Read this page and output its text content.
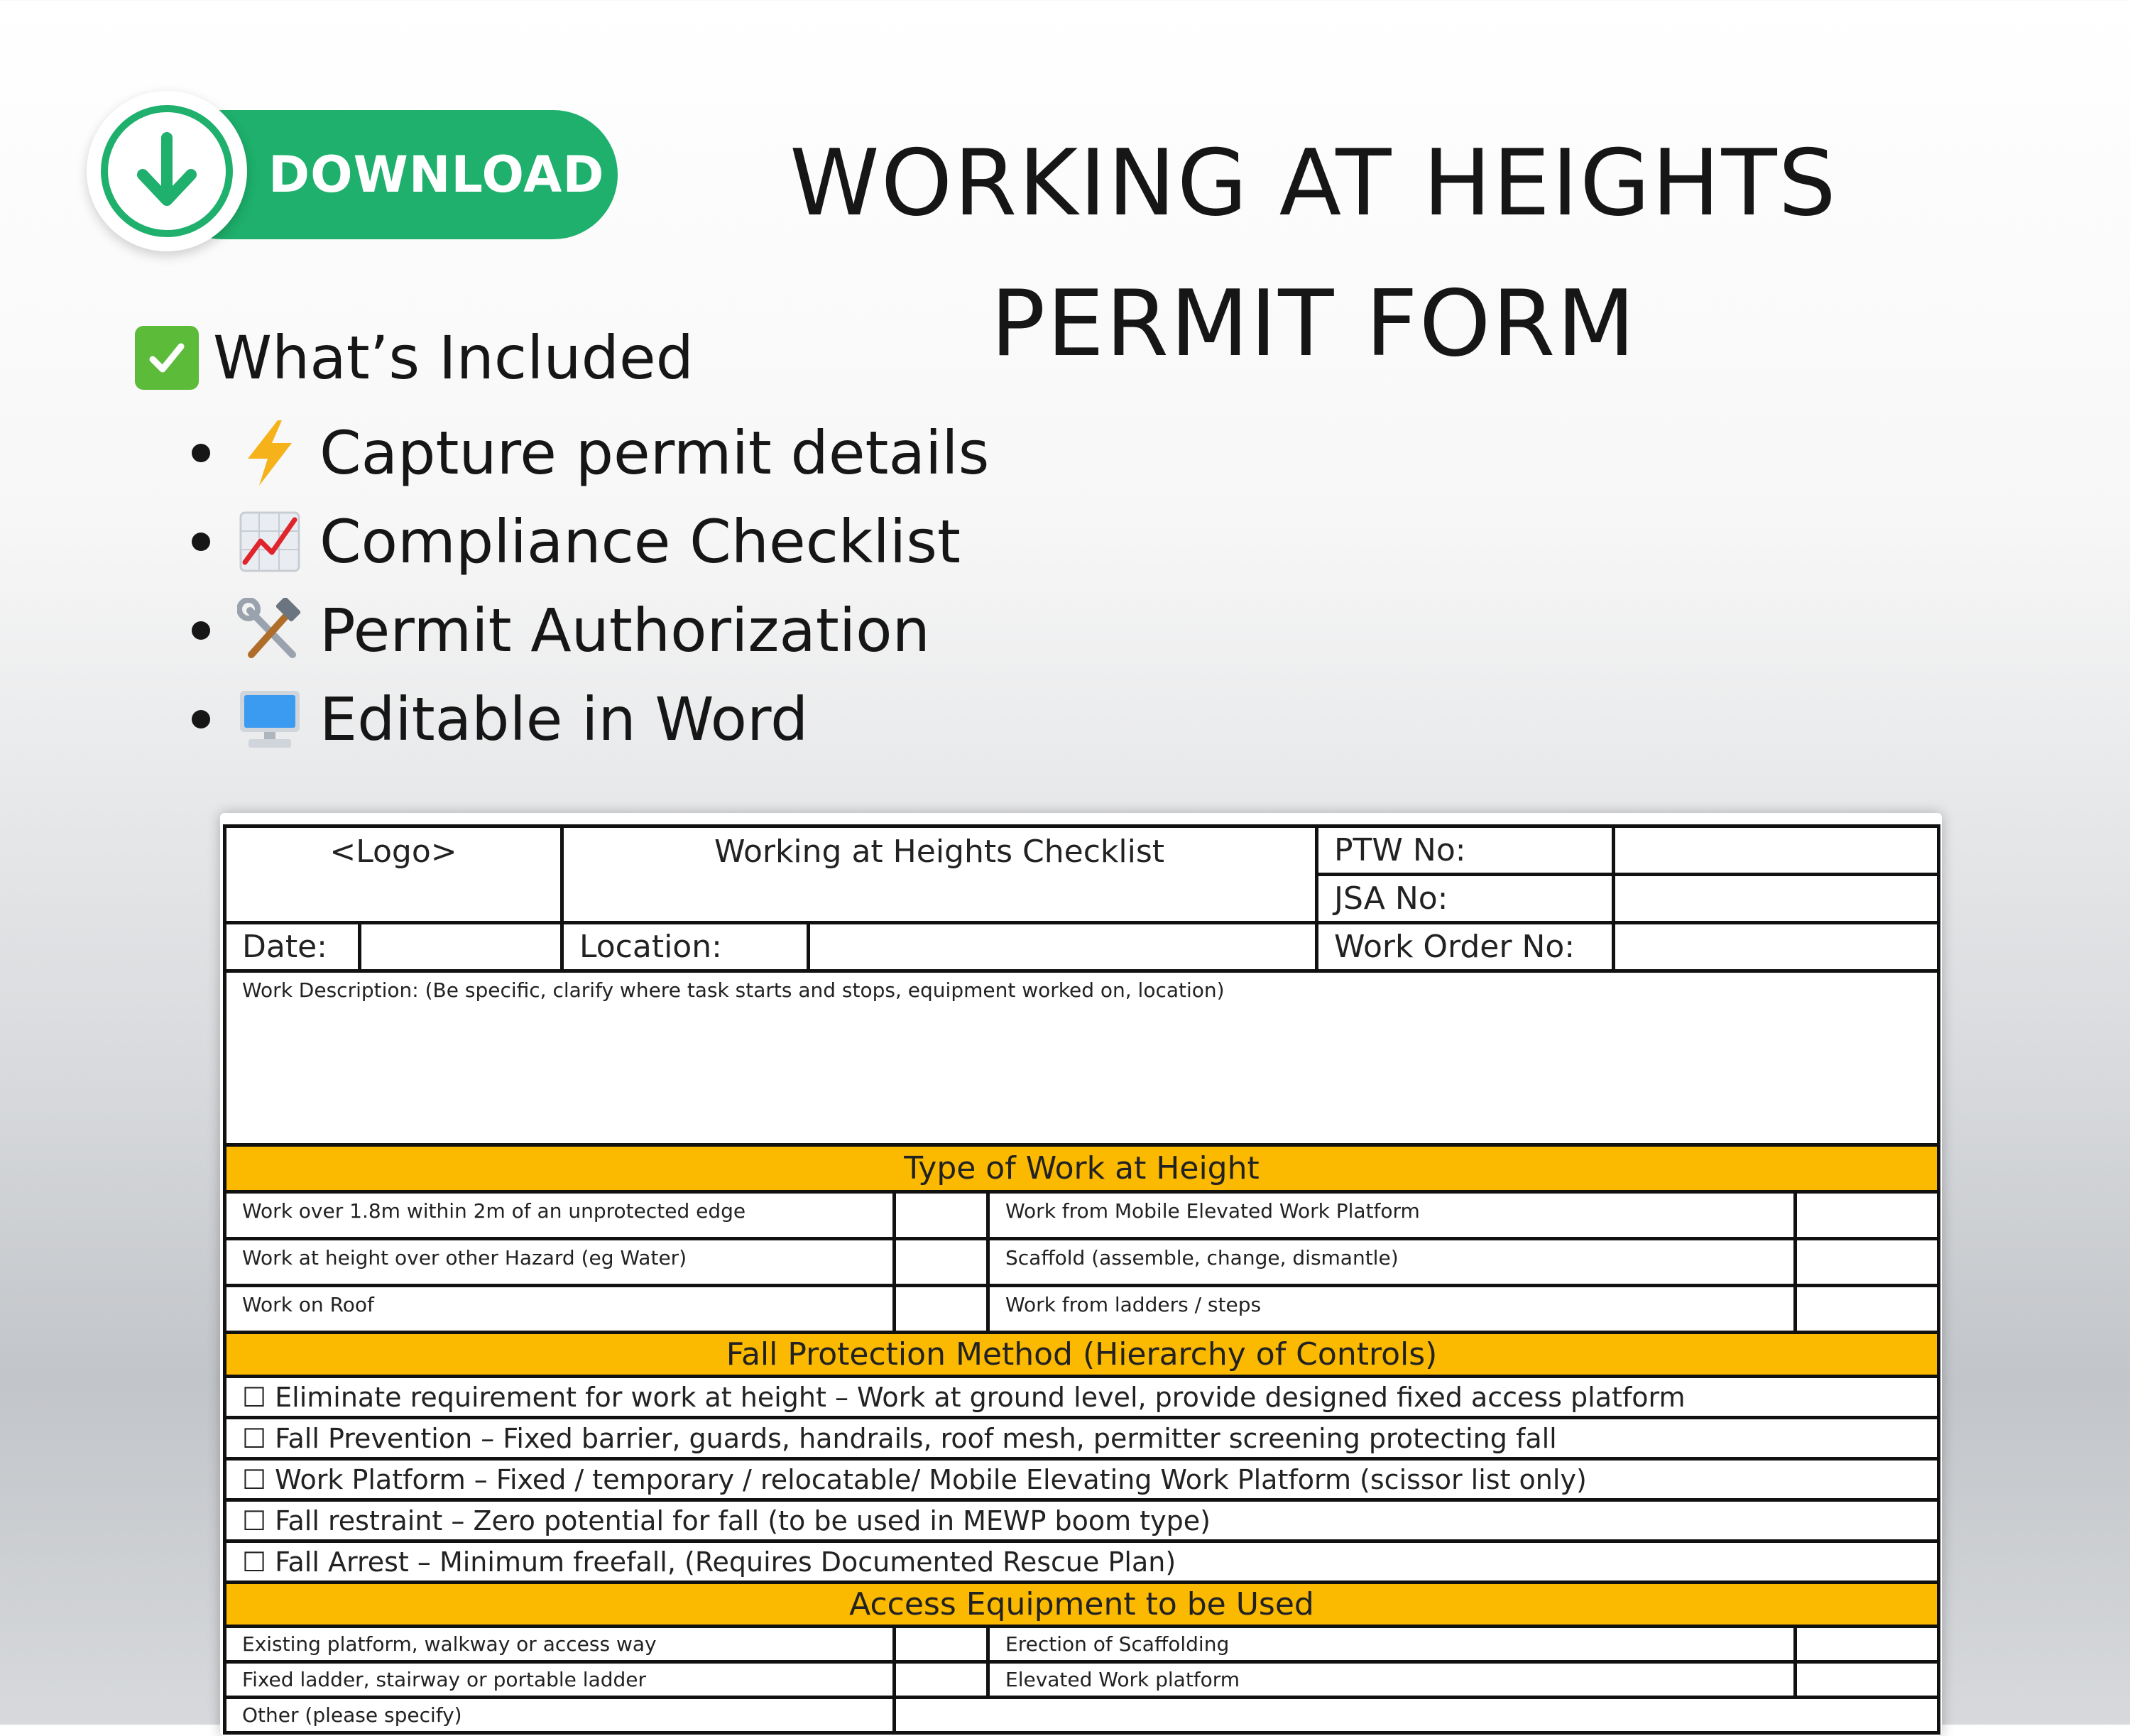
DOWNLOAD	WORKING AT HEIGHTS
PERMIT FORM
What’s Included
Capture permit details
Compliance Checklist
Permit Authorization
Editable in Word
<Logo>		Working at Heights Checklist				PTW No:		
						JSA No:		
Date:		Location:				Work Order No:		
Work Description: (Be specific, clarify where task starts and stops, equipment worked on, location)								
Type of Work at Height								
Work over 1.8m within 2m of an unprotected edge					Work from Mobile Elevated Work Platform			
Work at height over other Hazard (eg Water)					Scaffold (assemble, change, dismantle)			
Work on Roof					Work from ladders / steps			
Fall Protection Method (Hierarchy of Controls)								
☐ Eliminate requirement for work at height – Work at ground level, provide designed fixed access platform								
☐ Fall Prevention – Fixed barrier, guards, handrails, roof mesh, permitter screening protecting fall								
☐ Work Platform – Fixed / temporary / relocatable/ Mobile Elevating Work Platform (scissor list only)								
☐ Fall restraint – Zero potential for fall (to be used in MEWP boom type)								
☐ Fall Arrest – Minimum freefall, (Requires Documented Rescue Plan)								
Access Equipment to be Used								
Existing platform, walkway or access way					Erection of Scaffolding			
Fixed ladder, stairway or portable ladder					Elevated Work platform			
Other (please specify)								
